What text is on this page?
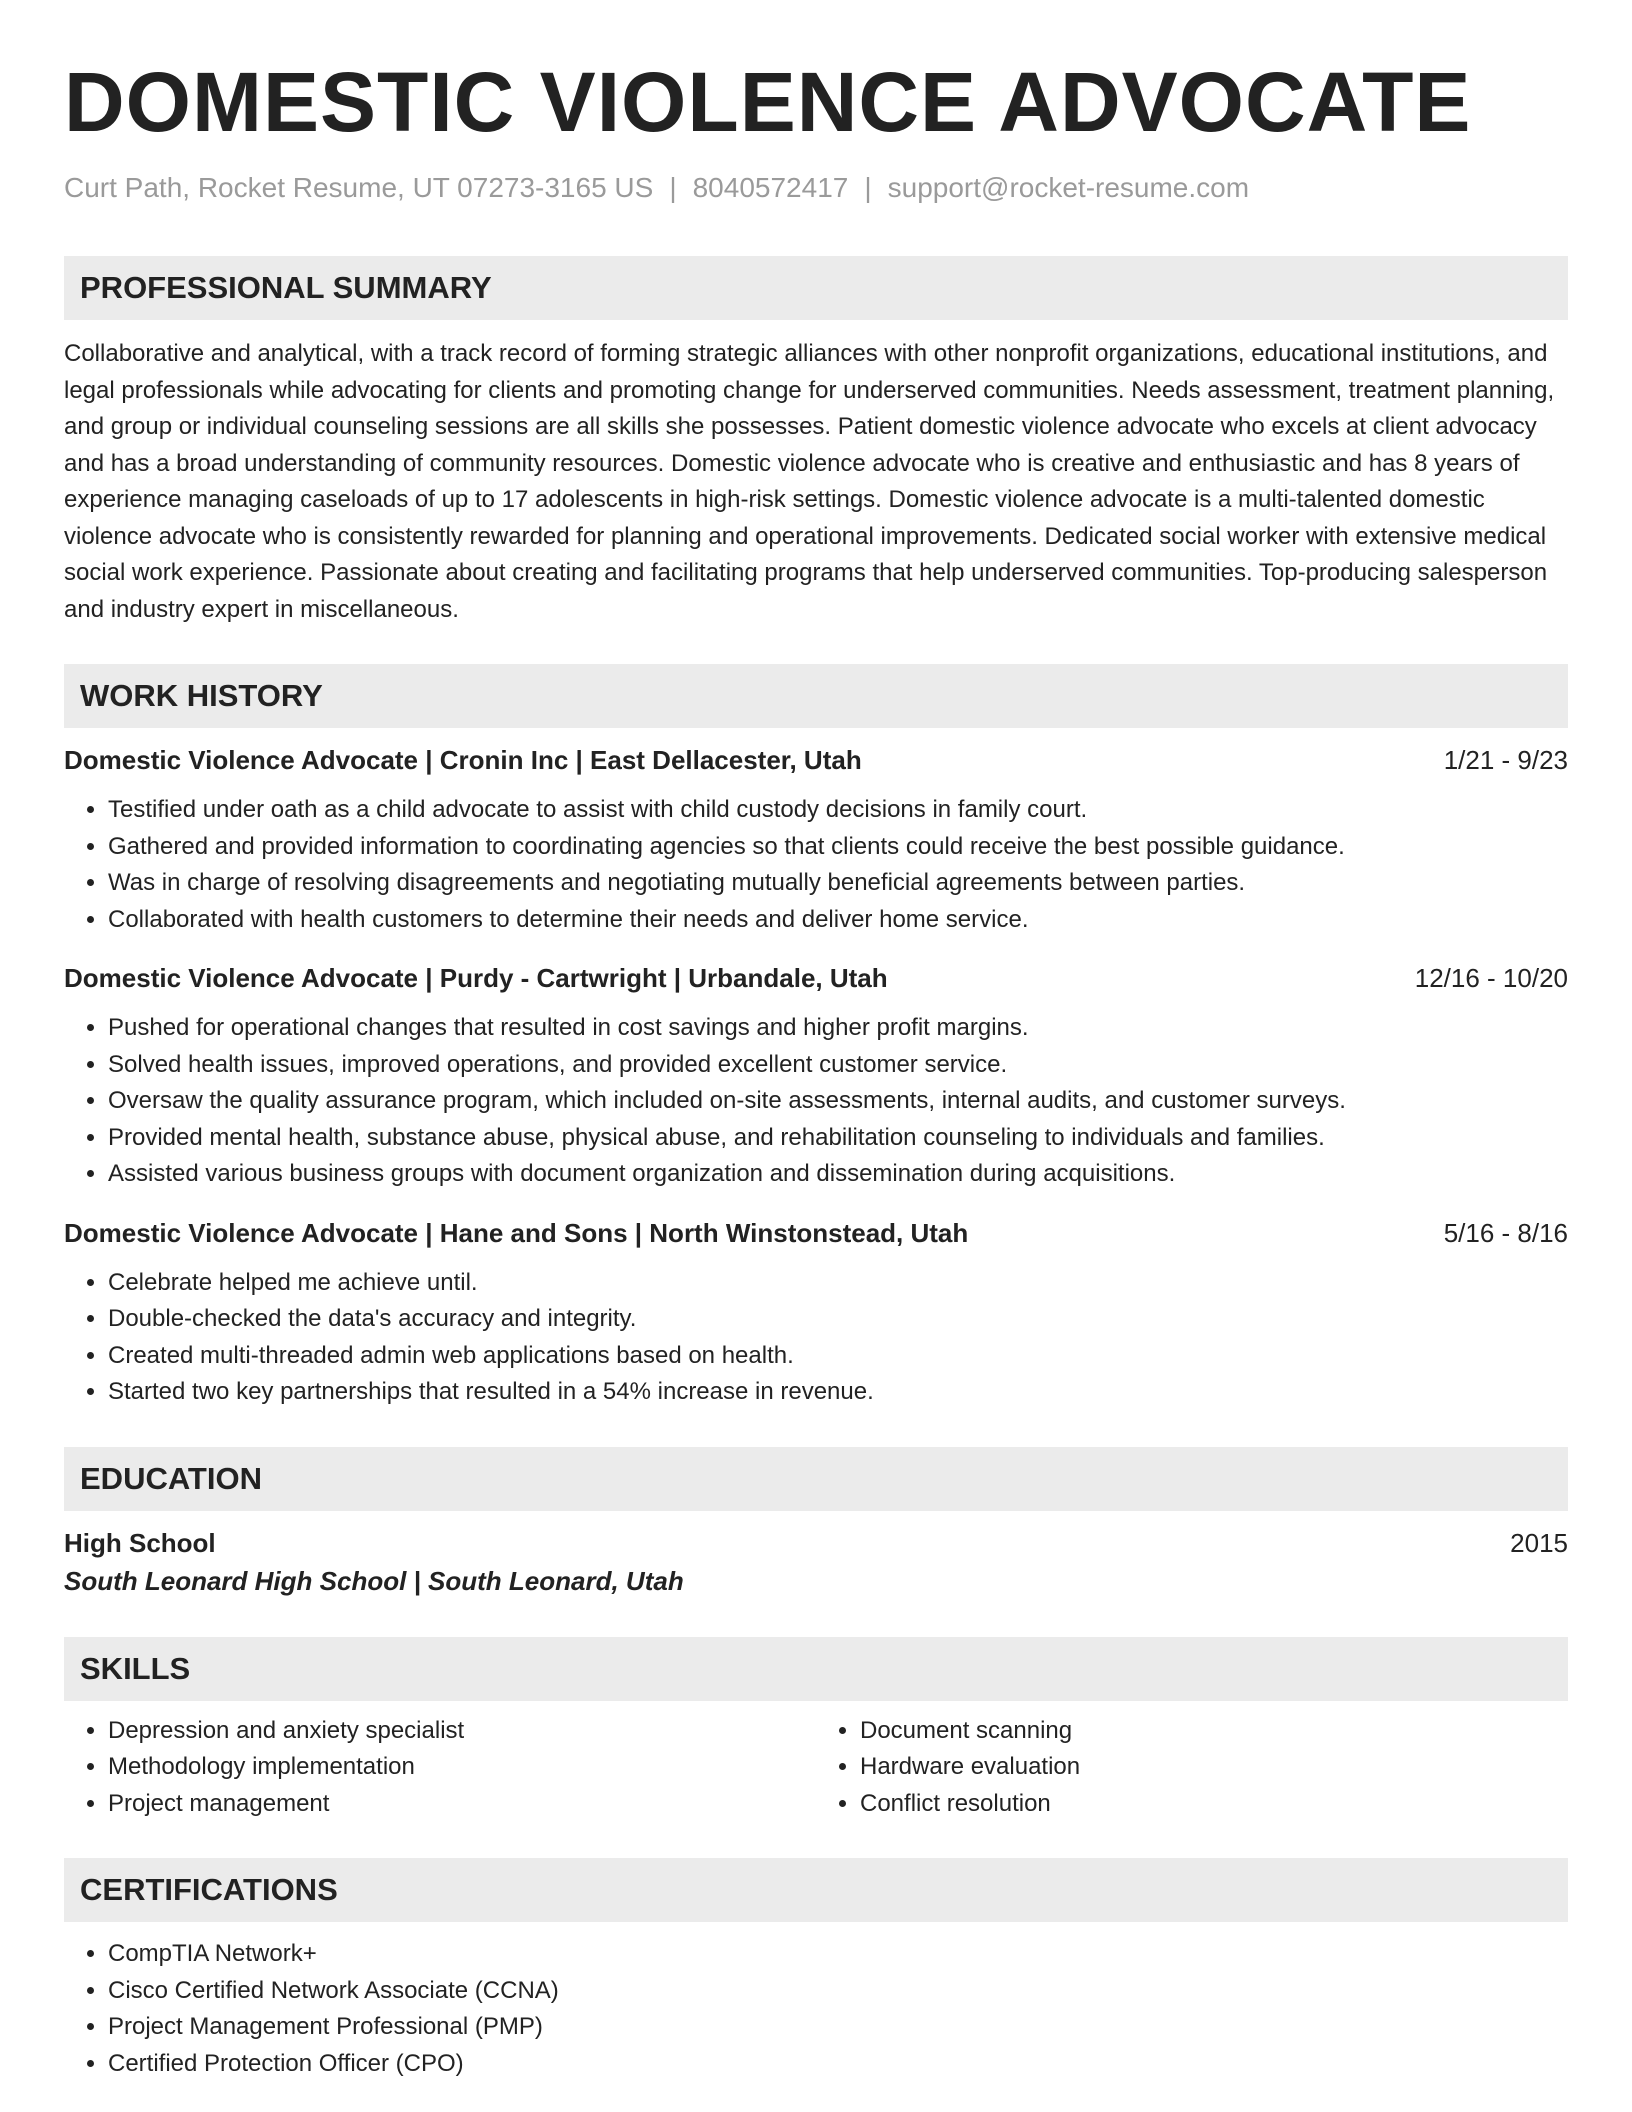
DOMESTIC VIOLENCE ADVOCATE
Curt Path, Rocket Resume, UT 07273-3165 US | 8040572417 | support@rocket-resume.com
PROFESSIONAL SUMMARY

Collaborative and analytical, with a track record of forming strategic alliances with other nonprofit organizations, educational institutions, and legal professionals while advocating for clients and promoting change for underserved communities. Needs assessment, treatment planning, and group or individual counseling sessions are all skills she possesses. Patient domestic violence advocate who excels at client advocacy and has a broad understanding of community resources. Domestic violence advocate who is creative and enthusiastic and has 8 years of experience managing caseloads of up to 17 adolescents in high-risk settings. Domestic violence advocate is a multi-talented domestic violence advocate who is consistently rewarded for planning and operational improvements. Dedicated social worker with extensive medical social work experience. Passionate about creating and facilitating programs that help underserved communities. Top-producing salesperson and industry expert in miscellaneous.

WORK HISTORY
Domestic Violence Advocate | Cronin Inc | East Dellacester, Utah	1/21 - 9/23
• Testified under oath as a child advocate to assist with child custody decisions in family court.
• Gathered and provided information to coordinating agencies so that clients could receive the best possible guidance.
• Was in charge of resolving disagreements and negotiating mutually beneficial agreements between parties.
• Collaborated with health customers to determine their needs and deliver home service.
Domestic Violence Advocate | Purdy - Cartwright | Urbandale, Utah	12/16 - 10/20
• Pushed for operational changes that resulted in cost savings and higher profit margins.
• Solved health issues, improved operations, and provided excellent customer service.
• Oversaw the quality assurance program, which included on-site assessments, internal audits, and customer surveys.
• Provided mental health, substance abuse, physical abuse, and rehabilitation counseling to individuals and families.
• Assisted various business groups with document organization and dissemination during acquisitions.
Domestic Violence Advocate | Hane and Sons | North Winstonstead, Utah	5/16 - 8/16
• Celebrate helped me achieve until.
• Double-checked the data's accuracy and integrity.
• Created multi-threaded admin web applications based on health.
• Started two key partnerships that resulted in a 54% increase in revenue.
EDUCATION
High School	2015
South Leonard High School | South Leonard, Utah
SKILLS
• Depression and anxiety specialist
• Methodology implementation
• Project management
• Document scanning
• Hardware evaluation
• Conflict resolution
CERTIFICATIONS
• CompTIA Network+
• Cisco Certified Network Associate (CCNA)
• Project Management Professional (PMP)
• Certified Protection Officer (CPO)
